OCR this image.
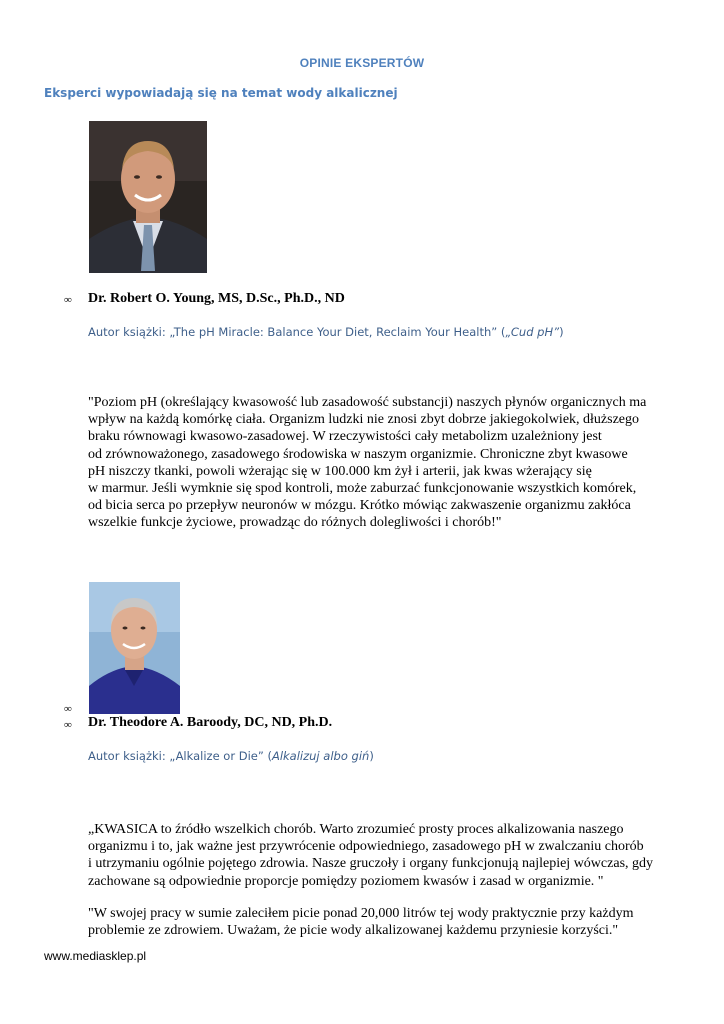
OPINIE EKSPERTÓW
Eksperci wypowiadają się na temat wody alkalicznej
∞ Dr. Robert O. Young, MS, D.Sc., Ph.D., ND
Autor książki: „The pH Miracle: Balance Your Diet, Reclaim Your Health” („Cud pH”)

"Poziom pH (określający kwasowość lub zasadowość substancji) naszych płynów organicznych ma

wpływ na każdą komórkę ciała. Organizm ludzki nie znosi zbyt dobrze jakiegokolwiek, dłuższego

braku równowagi kwasowo-zasadowej. W rzeczywistości cały metabolizm uzależniony jest

od zrównoważonego, zasadowego środowiska w naszym organizmie. Chroniczne zbyt kwasowe

pH niszczy tkanki, powoli wżerając się w 100.000 km żył i arterii, jak kwas wżerający się

w marmur. Jeśli wymknie się spod kontroli, może zaburzać funkcjonowanie wszystkich komórek,

od bicia serca po przepływ neuronów w mózgu. Krótko mówiąc zakwaszenie organizmu zakłóca

wszelkie funkcje życiowe, prowadząc do różnych dolegliwości i chorób!"

∞
∞ Dr. Theodore A. Baroody, DC, ND, Ph.D.
Autor książki: „Alkalize or Die” (Alkalizuj albo giń)

„KWASICA to źródło wszelkich chorób. Warto zrozumieć prosty proces alkalizowania naszego

organizmu i to, jak ważne jest przywrócenie odpowiedniego, zasadowego pH w zwalczaniu chorób

i utrzymaniu ogólnie pojętego zdrowia. Nasze gruczoły i organy funkcjonują najlepiej wówczas, gdy

zachowane są odpowiednie proporcje pomiędzy poziomem kwasów i zasad w organizmie. "

"W swojej pracy w sumie zaleciłem picie ponad 20,000 litrów tej wody praktycznie przy każdym

problemie ze zdrowiem. Uważam, że picie wody alkalizowanej każdemu przyniesie korzyści."

www.mediasklep.pl
